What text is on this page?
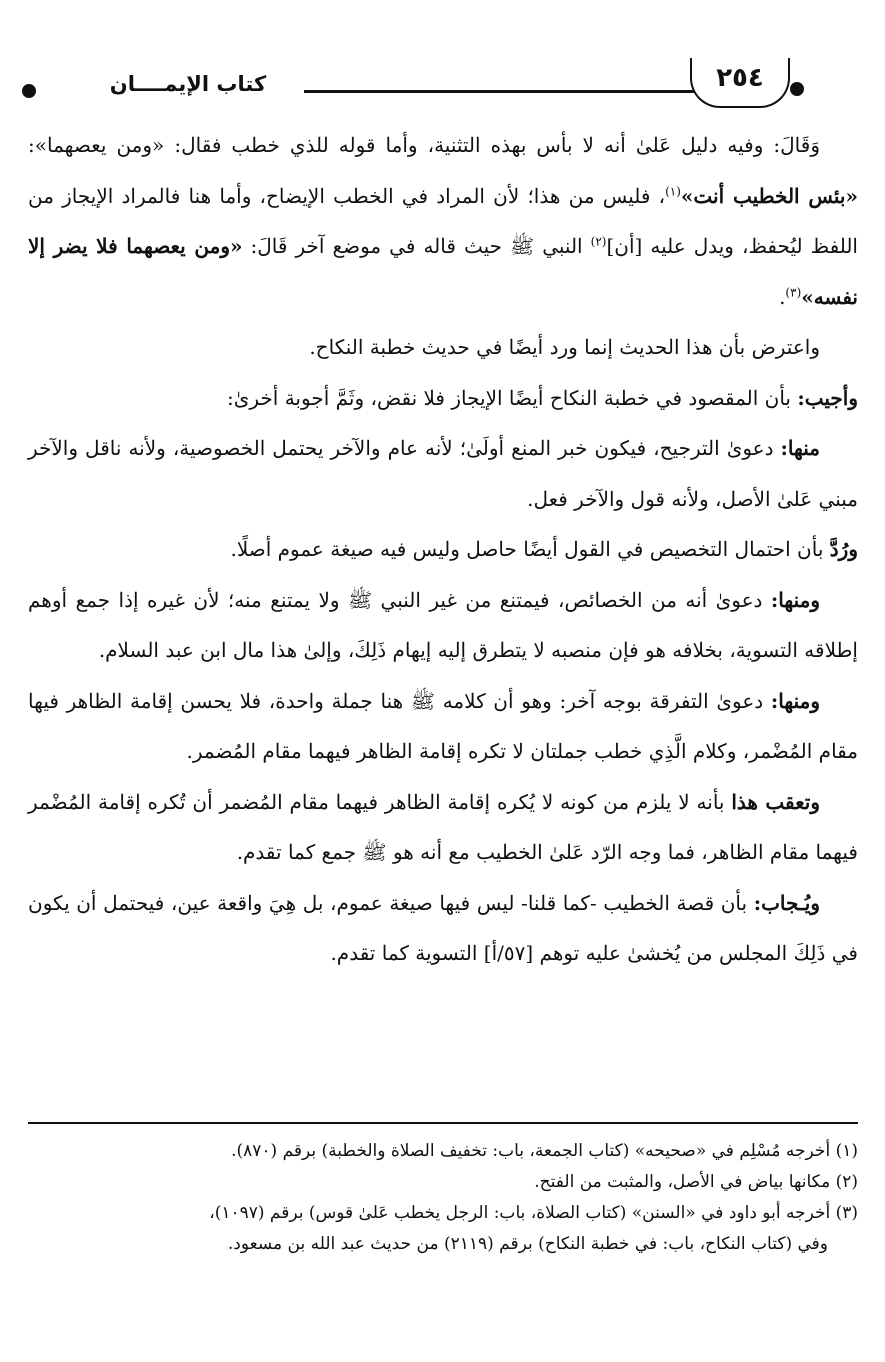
كتاب الإيمــــان	٢٥٤

وَقَالَ: وفيه دليل عَلىٰ أنه لا بأس بهذه التثنية، وأما قوله للذي خطب فقال: «ومن يعصهما»: «بئس الخطيب أنت»$^{(١)}$، فليس من هذا؛ لأن المراد في الخطب الإيضاح، وأما هنا فالمراد الإيجاز من اللفظ ليُحفظ، ويدل عليه [أن]$^{(٢)}$ النبي ﷺ حيث قاله في موضع آخر قَالَ: «ومن يعصهما فلا يضر إلا نفسه»$^{(٣)}$.

واعترض بأن هذا الحديث إنما ورد أيضًا في حديث خطبة النكاح.

وأجيب: بأن المقصود في خطبة النكاح أيضًا الإيجاز فلا نقض، وثَمَّ أجوبة أخرىٰ:

منها: دعوىٰ الترجيح، فيكون خبر المنع أولَىٰ؛ لأنه عام والآخر يحتمل الخصوصية، ولأنه ناقل والآخر مبني عَلىٰ الأصل، ولأنه قول والآخر فعل.

ورُدَّ بأن احتمال التخصيص في القول أيضًا حاصل وليس فيه صيغة عموم أصلًا.

ومنها: دعوىٰ أنه من الخصائص، فيمتنع من غير النبي ﷺ ولا يمتنع منه؛ لأن غيره إذا جمع أوهم إطلاقه التسوية، بخلافه هو فإن منصبه لا يتطرق إليه إيهام ذَلِكَ، وإلىٰ هذا مال ابن عبد السلام.

ومنها: دعوىٰ التفرقة بوجه آخر: وهو أن كلامه ﷺ هنا جملة واحدة، فلا يحسن إقامة الظاهر فيها مقام المُضْمر، وكلام الَّذِي خطب جملتان لا تكره إقامة الظاهر فيهما مقام المُضمر.

وتعقب هذا بأنه لا يلزم من كونه لا يُكره إقامة الظاهر فيهما مقام المُضمر أن تُكره إقامة المُضْمر فيهما مقام الظاهر، فما وجه الرّد عَلىٰ الخطيب مع أنه هو ﷺ جمع كما تقدم.

ويُـجاب: بأن قصة الخطيب -كما قلنا- ليس فيها صيغة عموم، بل هِيَ واقعة عين، فيحتمل أن يكون في ذَلِكَ المجلس من يُخشىٰ عليه توهم [٥٧/أ] التسوية كما تقدم.

(١) أخرجه مُسْلِم في «صحيحه» (كتاب الجمعة، باب: تخفيف الصلاة والخطبة) برقم (٨٧٠).

(٢) مكانها بياض في الأصل، والمثبت من الفتح.

(٣) أخرجه أبو داود في «السنن» (كتاب الصلاة، باب: الرجل يخطب عَلىٰ قوس) برقم (١٠٩٧)،

وفي (كتاب النكاح، باب: في خطبة النكاح) برقم (٢١١٩) من حديث عبد الله بن مسعود.
